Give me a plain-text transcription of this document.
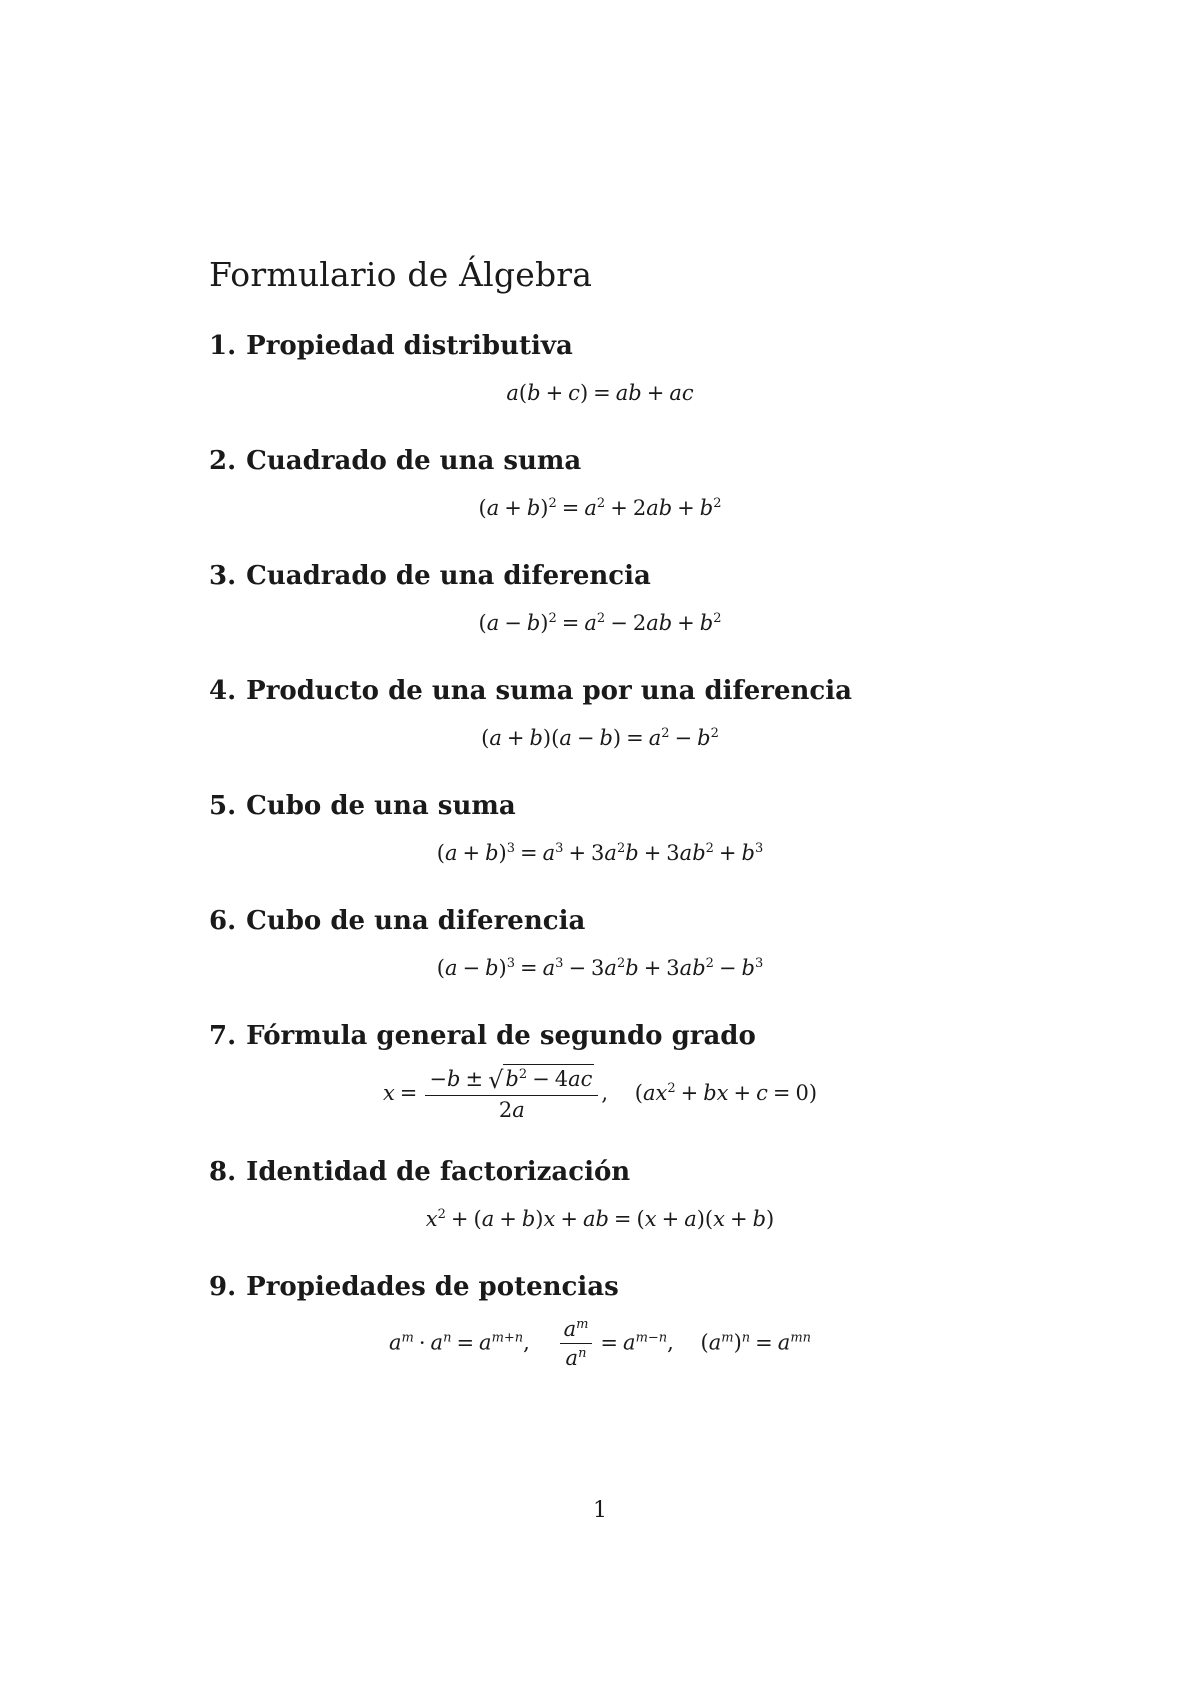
Formulario de Álgebra
1. Propiedad distributiva
a(b + c) = ab + ac
2. Cuadrado de una suma
$(a + b)^2 = a^2 + 2ab + b^2$
3. Cuadrado de una diferencia
$(a - b)^2 = a^2 - 2ab + b^2$
4. Producto de una suma por una diferencia
$(a + b)(a - b) = a^2 - b^2$
5. Cubo de una suma
$(a + b)^3 = a^3 + 3a^2b + 3ab^2 + b^3$
6. Cubo de una diferencia
$(a - b)^3 = a^3 - 3a^2b + 3ab^2 - b^3$
7. Fórmula general de segundo grado
$x = \frac{-b \pm √b^2 - 4ac}{2a}$ ,    ($ax^2$ + bx + c = 0)
8. Identidad de factorización
$x^2 + (a + b)x$ + ab = (x + a)(x + b)
9. Propiedades de potencias
$a^m \cdot a^n = a^{m+n}$, $\frac{a^m}{a^n} = a^{m-n}$,    $(a^m)^n = a^{mn}$
1
